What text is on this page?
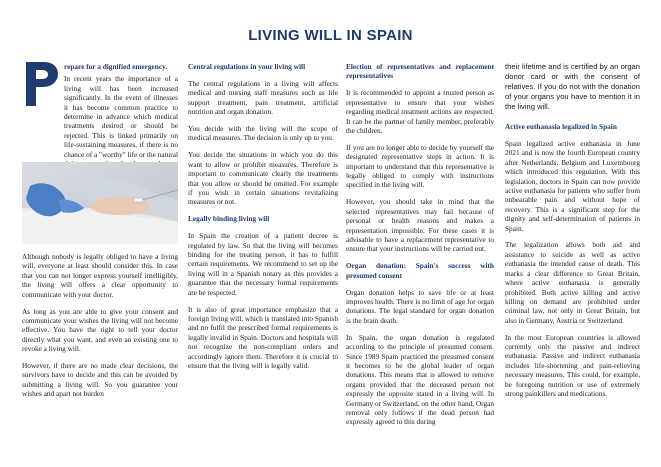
LIVING WILL IN SPAIN
repare for a dignified emergency.
In recent years the importance of a living will has been increased significantly. In the event of illnesses it has become common practice to determine in advance which medical treatments desired or should be rejected. This is linked primarily on life-sustaining measures, if there is no chance of a "worthy" life or the natural

Although nobody is legally obliged to have a living will, everyone at least should consider this. In case that you can not longer express yourself intelligibly, the living will offers a clear opportunity to communicate with your doctor.

As long as you are able to give your consent and communicate your wishes the living will not become effective. You have the right to tell your doctor directly what you want, and even an existing one to revoke a living will.

However, if there are no made clear decisions, the survivors have to decide and this can be avoided by submitting a living will. So you guarantee your wishes and apart not burden

Central regulations in your living will

The central regulations in a living will affects medical and nursing staff measures such as life support treatment, pain treatment, artificial nutrition and organ donation.

You decide with the living will the scope of medical measures. The decision is only up to you.

You decide the situations in which you do this want to allow or prohibit measures. Therefore is important to communicate clearly the treatments that you allow or should be omitted. For example if you wish in certain situations revitalizing measures or not.

Legally binding living will

In Spain the creation of a patient decree is regulated by law. So that the living will becomes binding for the treating person, it has to fulfill certain requirements. We recommend to set up the living will in a Spanish notary as this provides a guarantee that the necessary formal requirements are be respected.

It is also of great importance emphasize that a foreign living will, which is translated into Spanish and no fulfil the prescribed formal requirements is legally invalid in Spain. Doctors and hospitals will not recognize the non-compliant orders and accordingly ignore them. Therefore it is crucial to ensure that the living will is legally valid.

Election of representatives and replacement representatives

It is recommended to appoint a trusted person as representative to ensure that your wishes regarding medical treatment actions are respected. It can be the partner of family member, preferably the children.

If you are no longer able to decide by yourself the designated representative steps in action. It is important to understand that this representative is legally obliged to comply with instructions specified in the living will.

However, you should take in mind that the selected representatives may fail because of personal or health reasons and makes a representation impossible. For these cases it is advisable to have a replacement representative to ensure that your instructions will be carried out.

Organ donation: Spain's success with presumed consent

Organ donation helps to save life or at least improves health. There is no limit of age for organ donations. The legal standard for organ donation is the brain death.

In Spain, the organ donation is regulated according to the principle of presumed consent. Since 1989 Spain practiced the presumed consent it becomes to be the global leader of organ donations. This means that is allowed to remove organs provided that the deceased person not expressly the opposite stated in a living will. In Germany or Switzerland, on the other hand, Organ removal only follows if the dead person had expressly agreed to this during

their lifetime and is certified by an organ donor card or with the consent of relatives. If you do not with the donation of your organs you have to mention it in the living will.

Active euthanasia legalized in Spain

Spain legalized active euthanasia in June 2021 and is now the fourth European country after Netherlands, Belgium and Luxembourg which introduced this regulation. With this legislation, doctors in Spain can now provide active euthanasia for patients who suffer from unbearable pain and without hope of recovery. This is a significant step for the dignity and self-determination of patients in Spain.

The legalization allows both aid and assistance to suicide as well as active euthanasia the intended cause of death. This marks a clear difference to Great Britain, where active euthanasia is generally prohibited. Both active killing and active killing on demand are prohibited under criminal law, not only in Great Britain, but also in Germany, Austria or Switzerland.

In the most European countries is allowed currently only the passive and indirect euthanasia. Passive and indirect euthanasia includes life-shortening and pain-relieving necessary measures. This could, for example, be foregoing nutrition or use of extremely strong painkillers and medications.
